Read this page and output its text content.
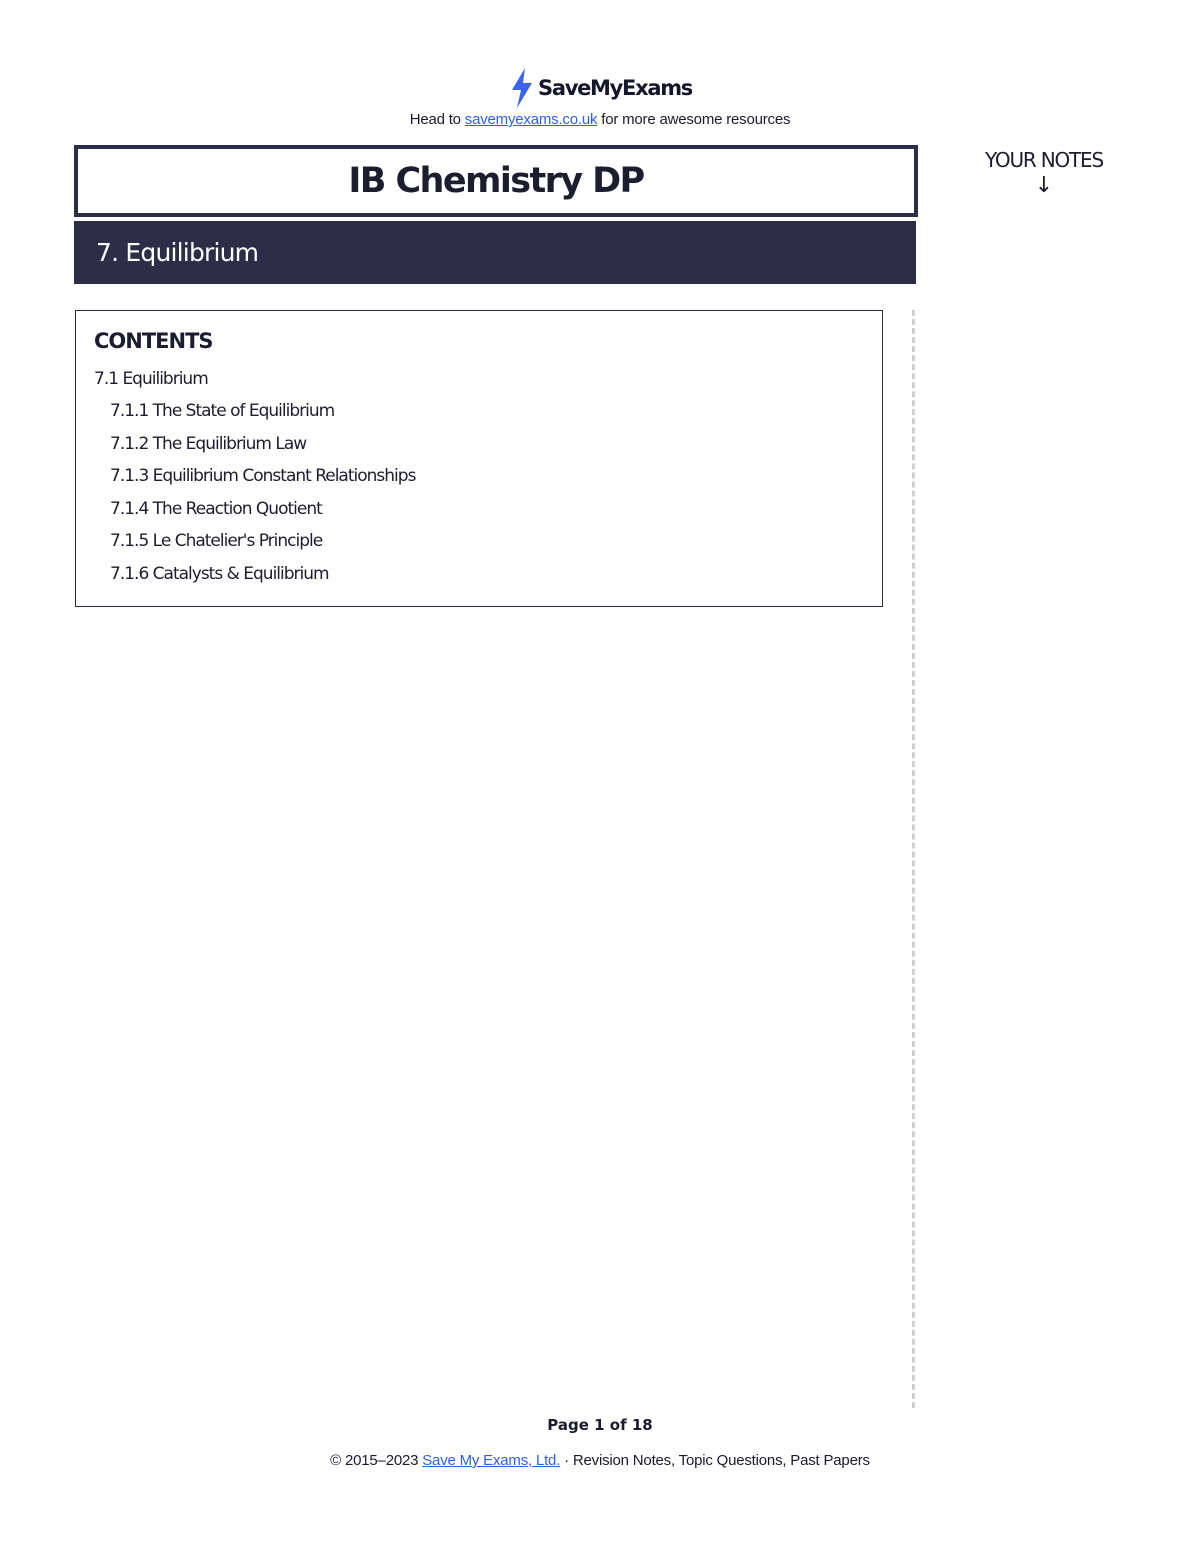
SaveMyExams
Head to savemyexams.co.uk for more awesome resources
IB Chemistry DP
7. Equilibrium
YOUR NOTES
↓
CONTENTS
7.1 Equilibrium
7.1.1 The State of Equilibrium
7.1.2 The Equilibrium Law
7.1.3 Equilibrium Constant Relationships
7.1.4 The Reaction Quotient
7.1.5 Le Chatelier's Principle
7.1.6 Catalysts & Equilibrium
Page 1 of 18
© 2015–2023 Save My Exams, Ltd. · Revision Notes, Topic Questions, Past Papers
